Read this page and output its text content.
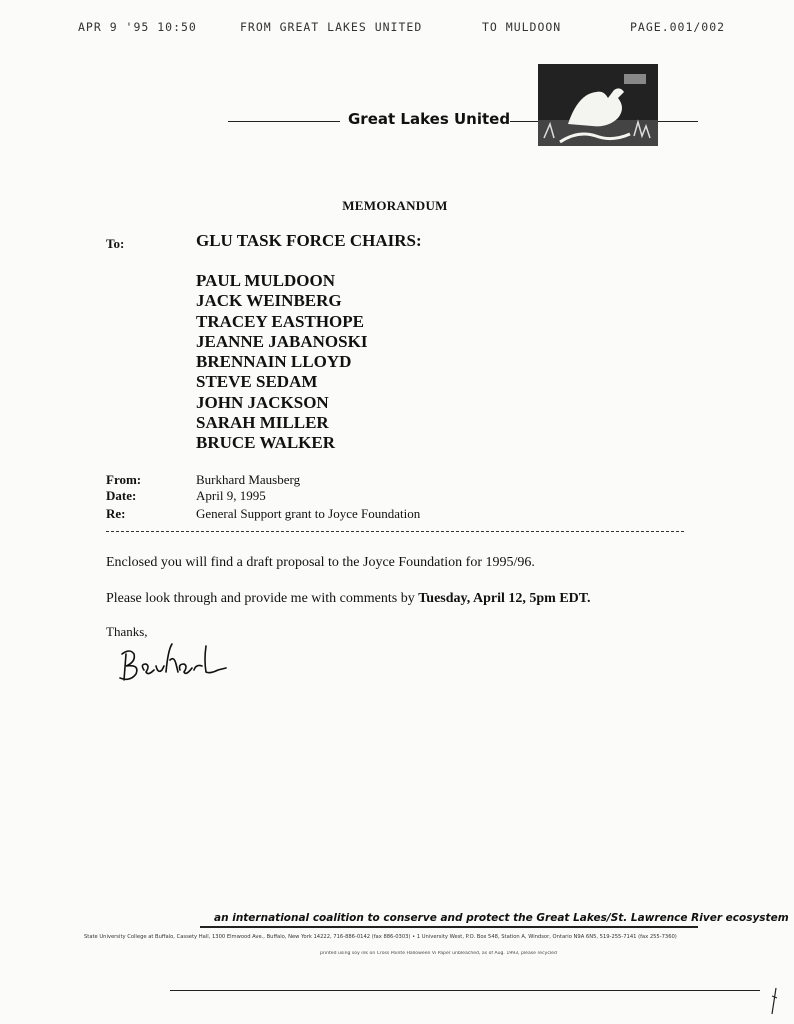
APR 9 '95 10:50	FROM GREAT LAKES UNITED	TO MULDOON	PAGE.001/002
Great Lakes United
MEMORANDUM
To:	GLU TASK FORCE CHAIRS:
PAUL MULDOON
JACK WEINBERG
TRACEY EASTHOPE
JEANNE JABANOSKI
BRENNAIN LLOYD
STEVE SEDAM
JOHN JACKSON
SARAH MILLER
BRUCE WALKER
From:	Burkhard Mausberg
Date:	April 9, 1995
Re:	General Support grant to Joyce Foundation
Enclosed you will find a draft proposal to the Joyce Foundation for 1995/96.
Please look through and provide me with comments by Tuesday, April 12, 5pm EDT.
Thanks,
an international coalition to conserve and protect the Great Lakes/St. Lawrence River ecosystem
State University College at Buffalo, Cassety Hall, 1300 Elmwood Ave., Buffalo, New York 14222, 716-886-0142 (fax 886-0303) • 1 University West, P.O. Box 548, Station A, Windsor, Ontario N9A 6N5, 519-255-7141 (fax 255-7360)
printed using soy ink on Cross Pointe Halloween Vi Paper unbleached, as of Aug. 1993, please recycled
